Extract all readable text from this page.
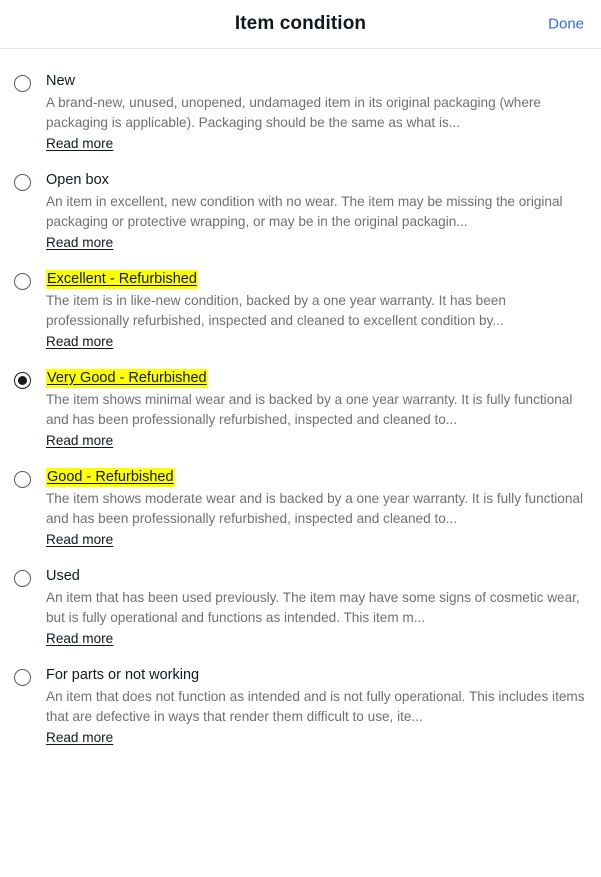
Item condition	Done
New

A brand-new, unused, unopened, undamaged item in its original packaging (where packaging is applicable). Packaging should be the same as what is...

Read more
Open box

An item in excellent, new condition with no wear. The item may be missing the original packaging or protective wrapping, or may be in the original packagin...

Read more
Excellent - Refurbished

The item is in like-new condition, backed by a one year warranty. It has been professionally refurbished, inspected and cleaned to excellent condition by...

Read more
Very Good - Refurbished

The item shows minimal wear and is backed by a one year warranty. It is fully functional and has been professionally refurbished, inspected and cleaned to...

Read more
Good - Refurbished

The item shows moderate wear and is backed by a one year warranty. It is fully functional and has been professionally refurbished, inspected and cleaned to...

Read more
Used

An item that has been used previously. The item may have some signs of cosmetic wear, but is fully operational and functions as intended. This item m...

Read more
For parts or not working

An item that does not function as intended and is not fully operational. This includes items that are defective in ways that render them difficult to use, ite...

Read more
